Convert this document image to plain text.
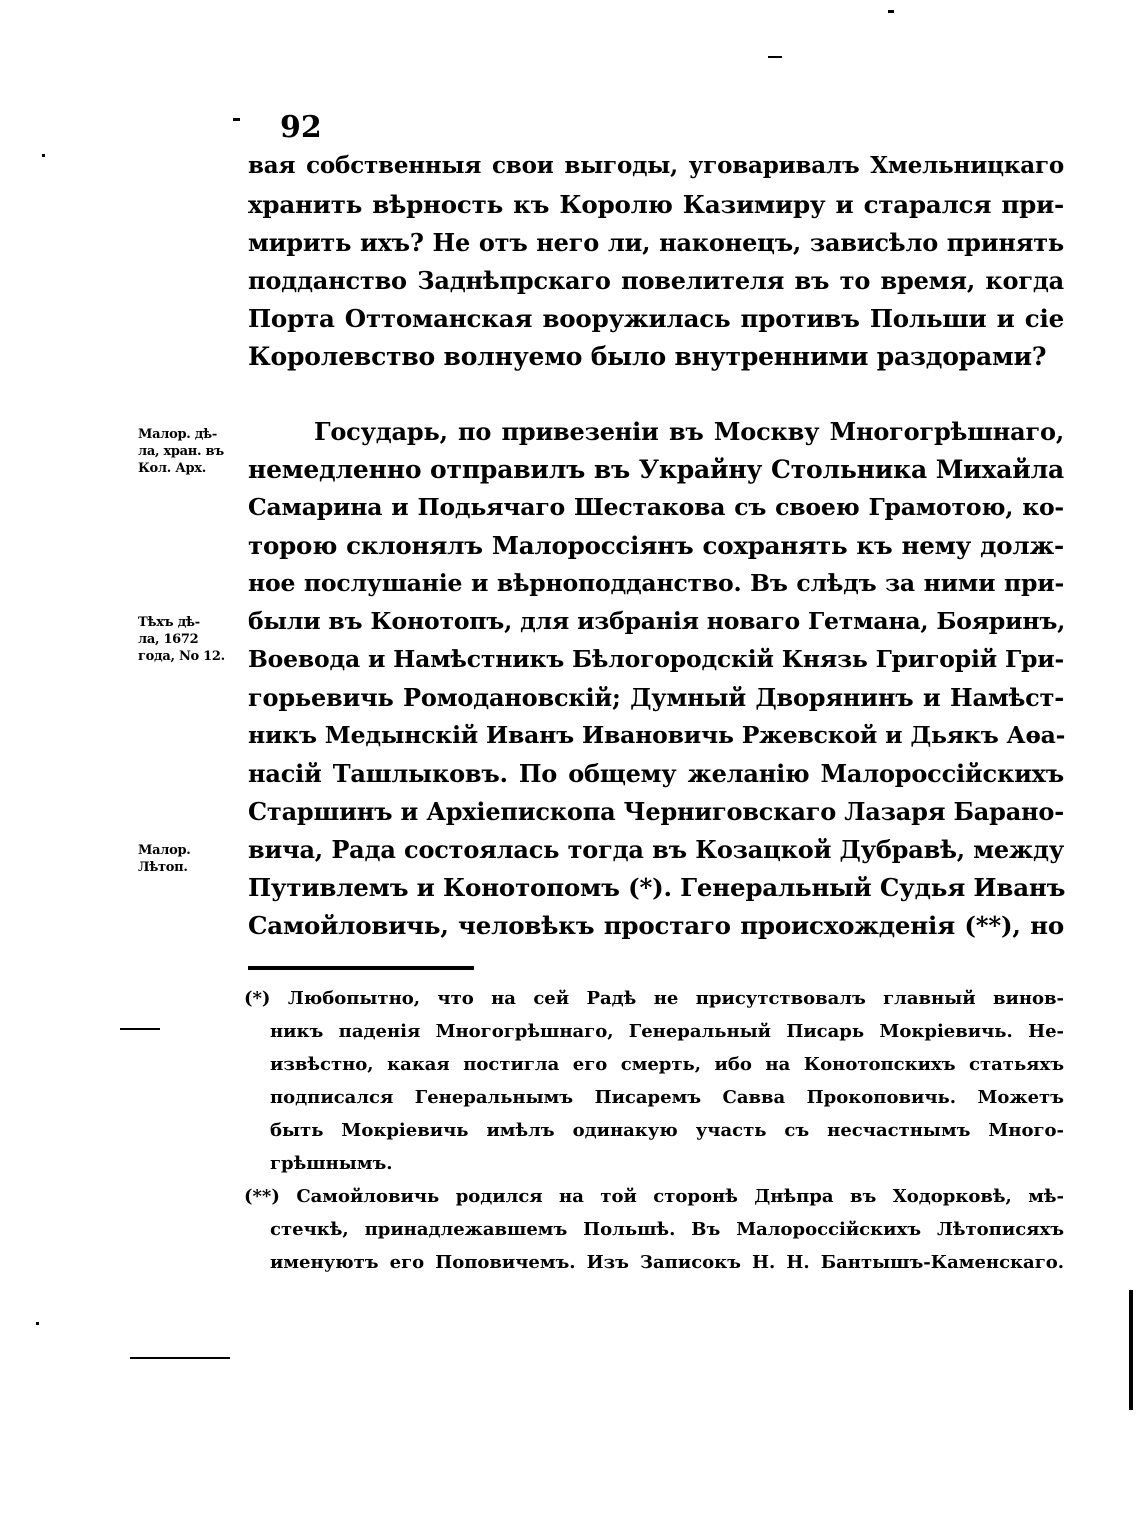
92
вая собственныя свои выгоды, уговаривалъ Хмельницкаго
хранить вѣрность къ Королю Казимиру и старался при-
мирить ихъ? Не отъ него ли, наконецъ, зависѣло принять
подданство Заднѣпрскаго повелителя въ то время, когда
Порта Оттоманская вооружилась противъ Польши и сіе
Королевство волнуемо было внутренними раздорами?
Государь, по привезеніи въ Москву Многогрѣшнаго,
немедленно отправилъ въ Украйну Стольника Михайла
Самарина и Подьячаго Шестакова съ своею Грамотою, ко-
торою склонялъ Малороссіянъ сохранять къ нему долж-
ное послушаніе и вѣрноподданство. Въ слѣдъ за ними при-
были въ Конотопъ, для избранія новаго Гетмана, Бояринъ,
Воевода и Намѣстникъ Бѣлогородскій Князь Григорій Гри-
горьевичь Ромодановскій; Думный Дворянинъ и Намѣст-
никъ Медынскій Иванъ Ивановичь Ржевской и Дьякъ Аѳа-
насій Ташлыковъ. По общему желанію Малороссійскихъ
Старшинъ и Архіепископа Черниговскаго Лазаря Барано-
вича, Рада состоялась тогда въ Козацкой Дубравѣ, между
Путивлемъ и Конотопомъ (*). Генеральный Судья Иванъ
Самойловичь, человѣкъ простаго происхожденія (**), но
Малор. дѣ-
ла, хран. въ
Кол. Арх.
Тѣхъ дѣ-
ла, 1672
года, No 12.
Малор.
Лѣтоп.
(*) Любопытно, что на сей Радѣ не присутствовалъ главный винов-
никъ паденія Многогрѣшнаго, Генеральный Писарь Мокріевичь. Не-
извѣстно, какая постигла его смерть, ибо на Конотопскихъ статьяхъ
подписался Генеральнымъ Писаремъ Савва Прокоповичь. Можетъ
быть Мокріевичь имѣлъ одинакую участь съ несчастнымъ Много-
грѣшнымъ.
(**) Самойловичь родился на той сторонѣ Днѣпра въ Ходорковѣ, мѣ-
стечкѣ, принадлежавшемъ Польшѣ. Въ Малороссійскихъ Лѣтописяхъ
именуютъ его Поповичемъ. Изъ Записокъ Н. Н. Бантышъ-Каменскаго.
